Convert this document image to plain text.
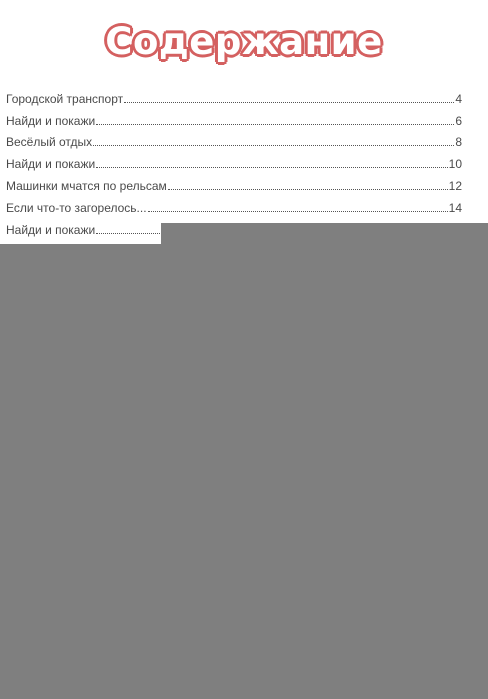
Содержание
Городской транспорт	4
Найди и покажи	6
Весёлый отдых	8
Найди и покажи	10
Машинки мчатся по рельсам	12
Если что-то загорелось...	14
Найди и покажи
